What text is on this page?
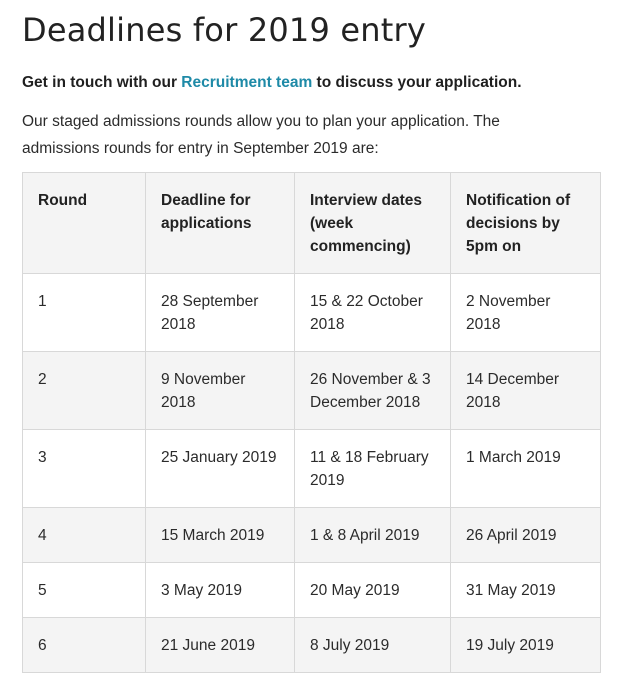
Deadlines for 2019 entry

Get in touch with our Recruitment team to discuss your application.

Our staged admissions rounds allow you to plan your application. The admissions rounds for entry in September 2019 are:

Round	Deadline for applications	Interview dates (week commencing)	Notification of decisions by 5pm on
1	28 September 2018	15 & 22 October 2018	2 November 2018
2	9 November 2018	26 November & 3 December 2018	14 December 2018
3	25 January 2019	11 & 18 February 2019	1 March 2019
4	15 March 2019	1 & 8 April 2019	26 April 2019
5	3 May 2019	20 May 2019	31 May 2019
6	21 June 2019	8 July 2019	19 July 2019
